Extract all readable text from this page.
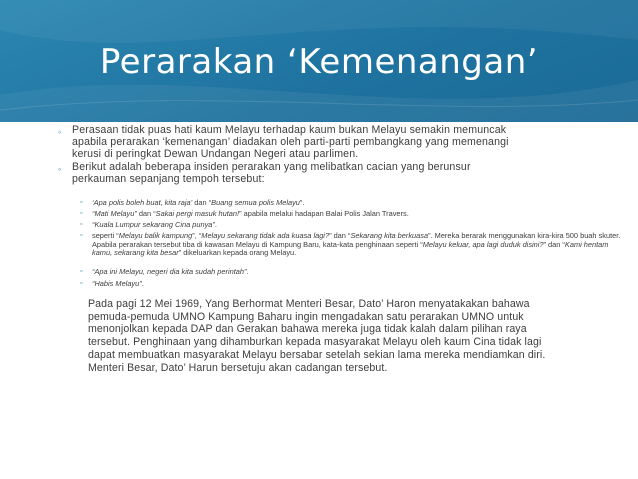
Perarakan ‘Kemenangan’
◦ Perasaan tidak puas hati kaum Melayu terhadap kaum bukan Melayu semakin memuncak
apabila perarakan ‘kemenangan’ diadakan oleh parti-parti pembangkang yang memenangi
kerusi di peringkat Dewan Undangan Negeri atau parlimen.
◦ Berikut adalah beberapa insiden perarakan yang melibatkan cacian yang berunsur
perkauman sepanjang tempoh tersebut:
▫ ‘Apa polis boleh buat, kita raja’ dan “Buang semua polis Melayu”.
▫ “Mati Melayu” dan “Sakai pergi masuk hutan!” apabila melalui hadapan Balai Polis Jalan Travers.
▫ “Kuala Lumpur sekarang Cina punya”.
▫ seperti “Melayu balik kampung”, “Melayu sekarang tidak ada kuasa lagi?” dan “Sekarang kita berkuasa”. Mereka berarak menggunakan kira-kira 500 buah skuter. Apabila perarakan tersebut tiba di kawasan Melayu di Kampung Baru, kata-kata penghinaan seperti “Melayu keluar, apa lagi duduk disini?” dan “Kami hentam kamu, sekarang kita besar” dikeluarkan kepada orang Melayu.
▫ “Apa ini Melayu, negeri dia kita sudah perintah”.
▫ “Habis Melayu”.
Pada pagi 12 Mei 1969, Yang Berhormat Menteri Besar, Dato’ Haron menyatakakan bahawa pemuda-pemuda UMNO Kampung Baharu ingin mengadakan satu perarakan UMNO untuk menonjolkan kepada DAP dan Gerakan bahawa mereka juga tidak kalah dalam pilihan raya tersebut. Penghinaan yang dihamburkan kepada masyarakat Melayu oleh kaum Cina tidak lagi dapat membuatkan masyarakat Melayu bersabar setelah sekian lama mereka mendiamkan diri. Menteri Besar, Dato’ Harun bersetuju akan cadangan tersebut.
